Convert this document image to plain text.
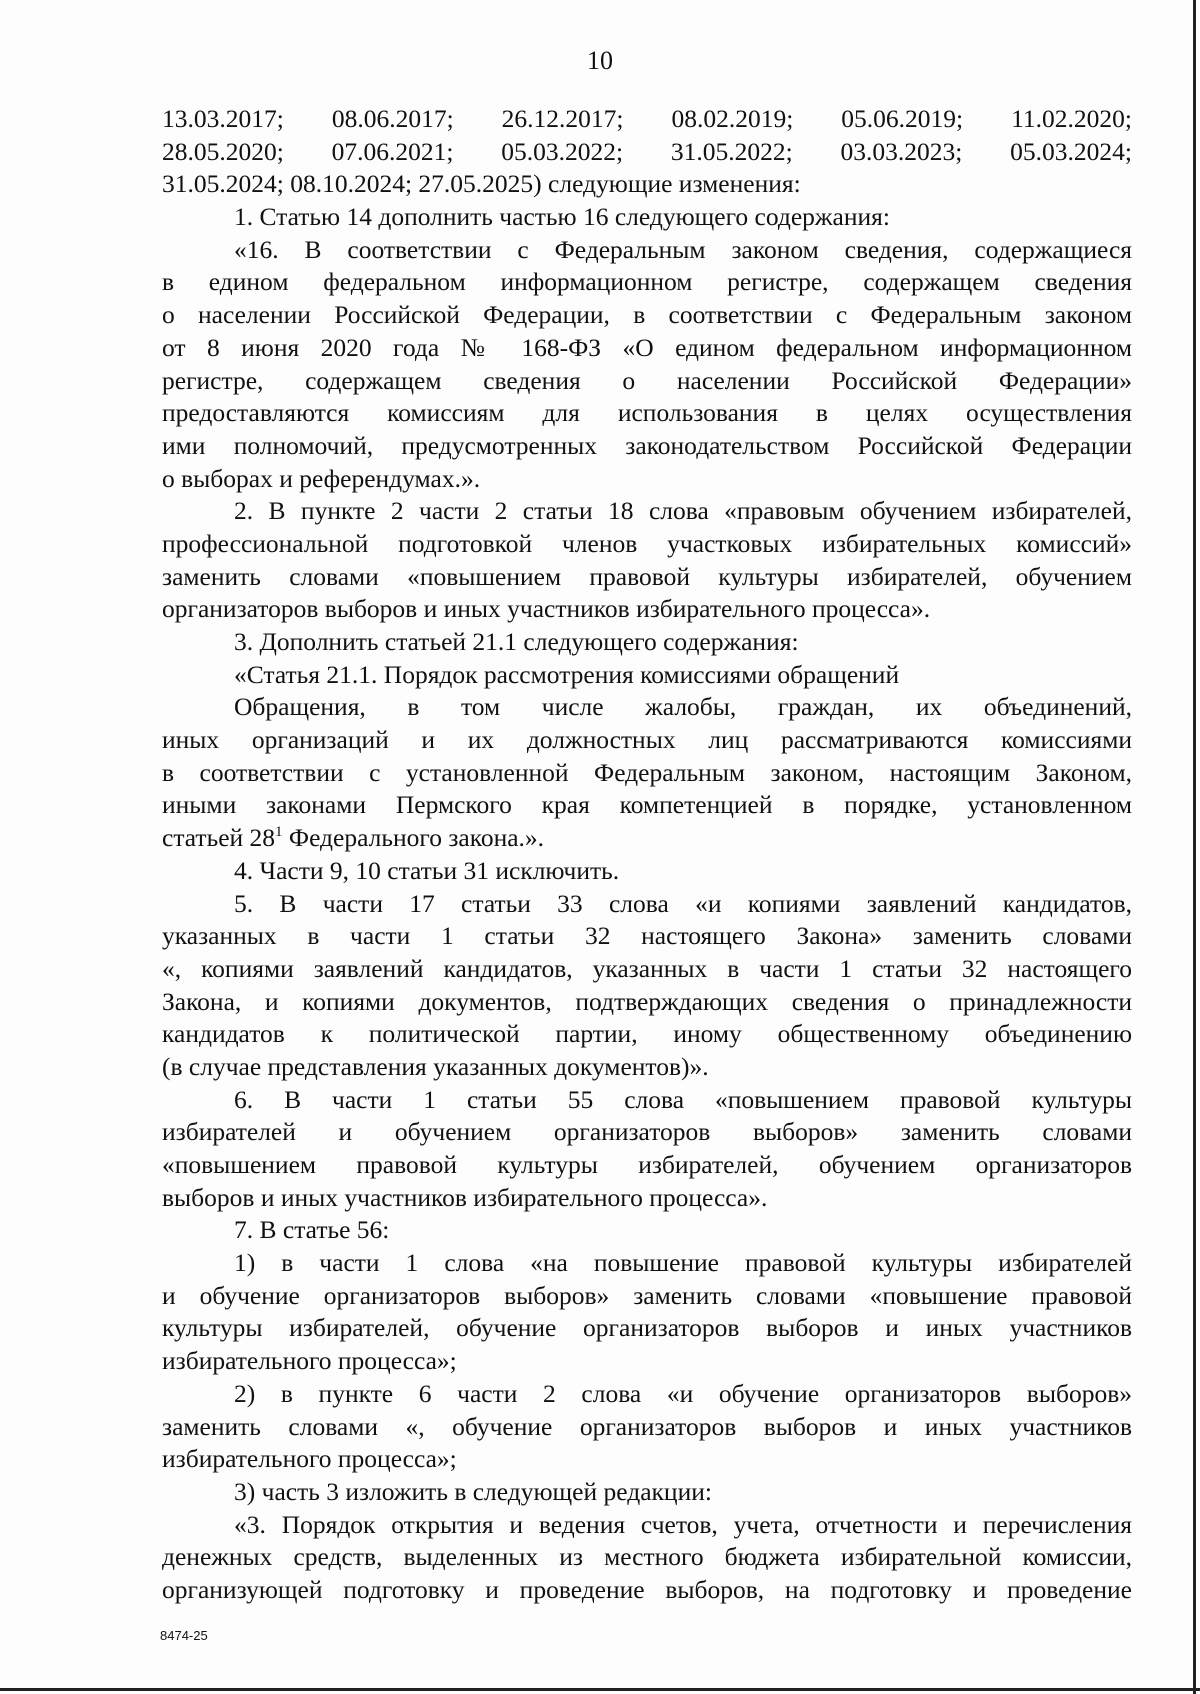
10
13.03.2017; 08.06.2017; 26.12.2017; 08.02.2019; 05.06.2019; 11.02.2020;
28.05.2020; 07.06.2021; 05.03.2022; 31.05.2022; 03.03.2023; 05.03.2024;
31.05.2024; 08.10.2024; 27.05.2025) следующие изменения:
1. Статью 14 дополнить частью 16 следующего содержания:
«16. В соответствии с Федеральным законом сведения, содержащиеся
в едином федеральном информационном регистре, содержащем сведения
о населении Российской Федерации, в соответствии с Федеральным законом
от 8 июня 2020 года № 168-ФЗ «О едином федеральном информационном
регистре, содержащем сведения о населении Российской Федерации»
предоставляются комиссиям для использования в целях осуществления
ими полномочий, предусмотренных законодательством Российской Федерации
о выборах и референдумах.».
2. В пункте 2 части 2 статьи 18 слова «правовым обучением избирателей,
профессиональной подготовкой членов участковых избирательных комиссий»
заменить словами «повышением правовой культуры избирателей, обучением
организаторов выборов и иных участников избирательного процесса».
3. Дополнить статьей 21.1 следующего содержания:
«Статья 21.1. Порядок рассмотрения комиссиями обращений
Обращения, в том числе жалобы, граждан, их объединений,
иных организаций и их должностных лиц рассматриваются комиссиями
в соответствии с установленной Федеральным законом, настоящим Законом,
иными законами Пермского края компетенцией в порядке, установленном
статьей $28^1$ Федерального закона.».
4. Части 9, 10 статьи 31 исключить.
5. В части 17 статьи 33 слова «и копиями заявлений кандидатов,
указанных в части 1 статьи 32 настоящего Закона» заменить словами
«, копиями заявлений кандидатов, указанных в части 1 статьи 32 настоящего
Закона, и копиями документов, подтверждающих сведения о принадлежности
кандидатов к политической партии, иному общественному объединению
(в случае представления указанных документов)».
6. В части 1 статьи 55 слова «повышением правовой культуры
избирателей и обучением организаторов выборов» заменить словами
«повышением правовой культуры избирателей, обучением организаторов
выборов и иных участников избирательного процесса».
7. В статье 56:
1) в части 1 слова «на повышение правовой культуры избирателей
и обучение организаторов выборов» заменить словами «повышение правовой
культуры избирателей, обучение организаторов выборов и иных участников
избирательного процесса»;
2) в пункте 6 части 2 слова «и обучение организаторов выборов»
заменить словами «, обучение организаторов выборов и иных участников
избирательного процесса»;
3) часть 3 изложить в следующей редакции:
«3. Порядок открытия и ведения счетов, учета, отчетности и перечисления
денежных средств, выделенных из местного бюджета избирательной комиссии,
организующей подготовку и проведение выборов, на подготовку и проведение
8474-25
